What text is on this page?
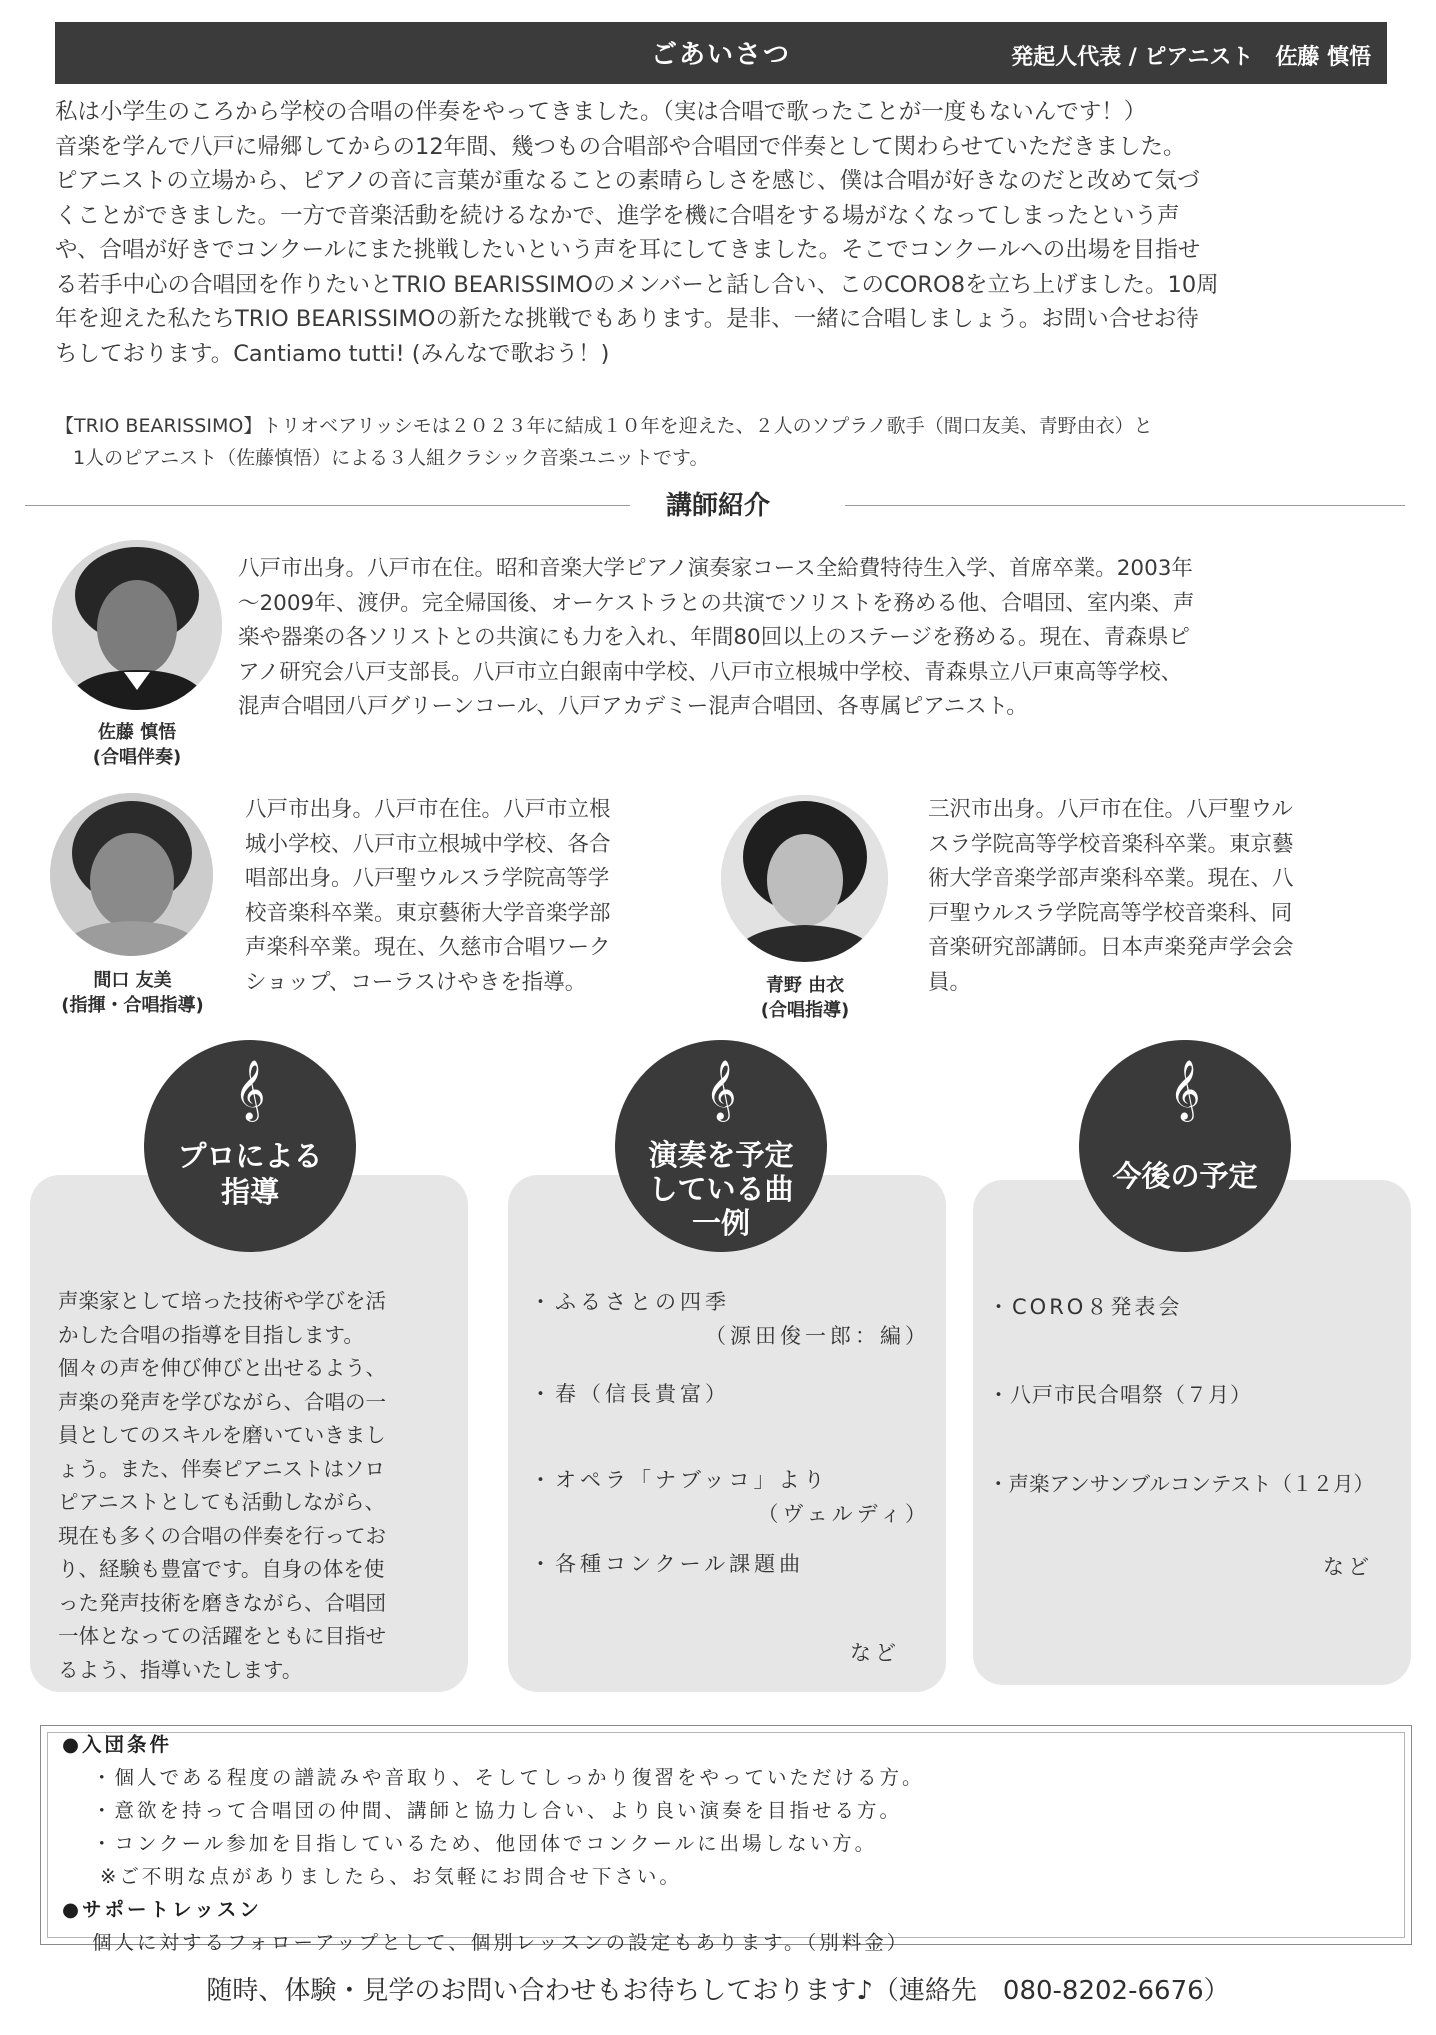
ごあいさつ	発起人代表 / ピアニスト　佐藤 慎悟

私は小学生のころから学校の合唱の伴奏をやってきました。（実は合唱で歌ったことが一度もないんです！）

音楽を学んで八戸に帰郷してからの12年間、幾つもの合唱部や合唱団で伴奏として関わらせていただきました。

ピアニストの立場から、ピアノの音に言葉が重なることの素晴らしさを感じ、僕は合唱が好きなのだと改めて気づ

くことができました。一方で音楽活動を続けるなかで、進学を機に合唱をする場がなくなってしまったという声

や、合唱が好きでコンクールにまた挑戦したいという声を耳にしてきました。そこでコンクールへの出場を目指せ

る若手中心の合唱団を作りたいとTRIO BEARISSIMOのメンバーと話し合い、このCORO8を立ち上げました。10周

年を迎えた私たちTRIO BEARISSIMOの新たな挑戦でもあります。是非、一緒に合唱しましょう。お問い合せお待

ちしております。Cantiamo tutti! (みんなで歌おう！)

【TRIO BEARISSIMO】トリオベアリッシモは２０２３年に結成１０年を迎えた、２人のソプラノ歌手（間口友美、青野由衣）と

1人のピアニスト（佐藤慎悟）による３人組クラシック音楽ユニットです。

講師紹介
佐藤 慎悟
(合唱伴奏)

八戸市出身。八戸市在住。昭和音楽大学ピアノ演奏家コース全給費特待生入学、首席卒業。2003年

〜2009年、渡伊。完全帰国後、オーケストラとの共演でソリストを務める他、合唱団、室内楽、声

楽や器楽の各ソリストとの共演にも力を入れ、年間80回以上のステージを務める。現在、青森県ピ

アノ研究会八戸支部長。八戸市立白銀南中学校、八戸市立根城中学校、青森県立八戸東高等学校、

混声合唱団八戸グリーンコール、八戸アカデミー混声合唱団、各専属ピアニスト。

間口 友美
(指揮・合唱指導)

八戸市出身。八戸市在住。八戸市立根

城小学校、八戸市立根城中学校、各合

唱部出身。八戸聖ウルスラ学院高等学

校音楽科卒業。東京藝術大学音楽学部

声楽科卒業。現在、久慈市合唱ワーク

ショップ、コーラスけやきを指導。	青野 由衣
(合唱指導)

三沢市出身。八戸市在住。八戸聖ウル

スラ学院高等学校音楽科卒業。東京藝

術大学音楽学部声楽科卒業。現在、八

戸聖ウルスラ学院高等学校音楽科、同

音楽研究部講師。日本声楽発声学会会

員。

𝄞

プロによる

指導

𝄞

演奏を予定

している曲

一例

𝄞

今後の予定

声楽家として培った技術や学びを活

かした合唱の指導を目指します。

個々の声を伸び伸びと出せるよう、

声楽の発声を学びながら、合唱の一

員としてのスキルを磨いていきまし

ょう。また、伴奏ピアニストはソロ

ピアニストとしても活動しながら、

現在も多くの合唱の伴奏を行ってお

り、経験も豊富です。自身の体を使

った発声技術を磨きながら、合唱団

一体となっての活躍をともに目指せ

るよう、指導いたします。

・ふるさとの四季

（源田俊一郎：編）

・春（信長貴富）

・オペラ「ナブッコ」より

（ヴェルディ）

・各種コンクール課題曲

など

・CORO８発表会

・八戸市民合唱祭（７月）

・声楽アンサンブルコンテスト（１２月）

など

●入団条件

・個人である程度の譜読みや音取り、そしてしっかり復習をやっていただける方。

・意欲を持って合唱団の仲間、講師と協力し合い、より良い演奏を目指せる方。

・コンクール参加を目指しているため、他団体でコンクールに出場しない方。

※ご不明な点がありましたら、お気軽にお問合せ下さい。

●サポートレッスン

個人に対するフォローアップとして、個別レッスンの設定もあります。（別料金）

随時、体験・見学のお問い合わせもお待ちしております♪（連絡先　080-8202-6676）
